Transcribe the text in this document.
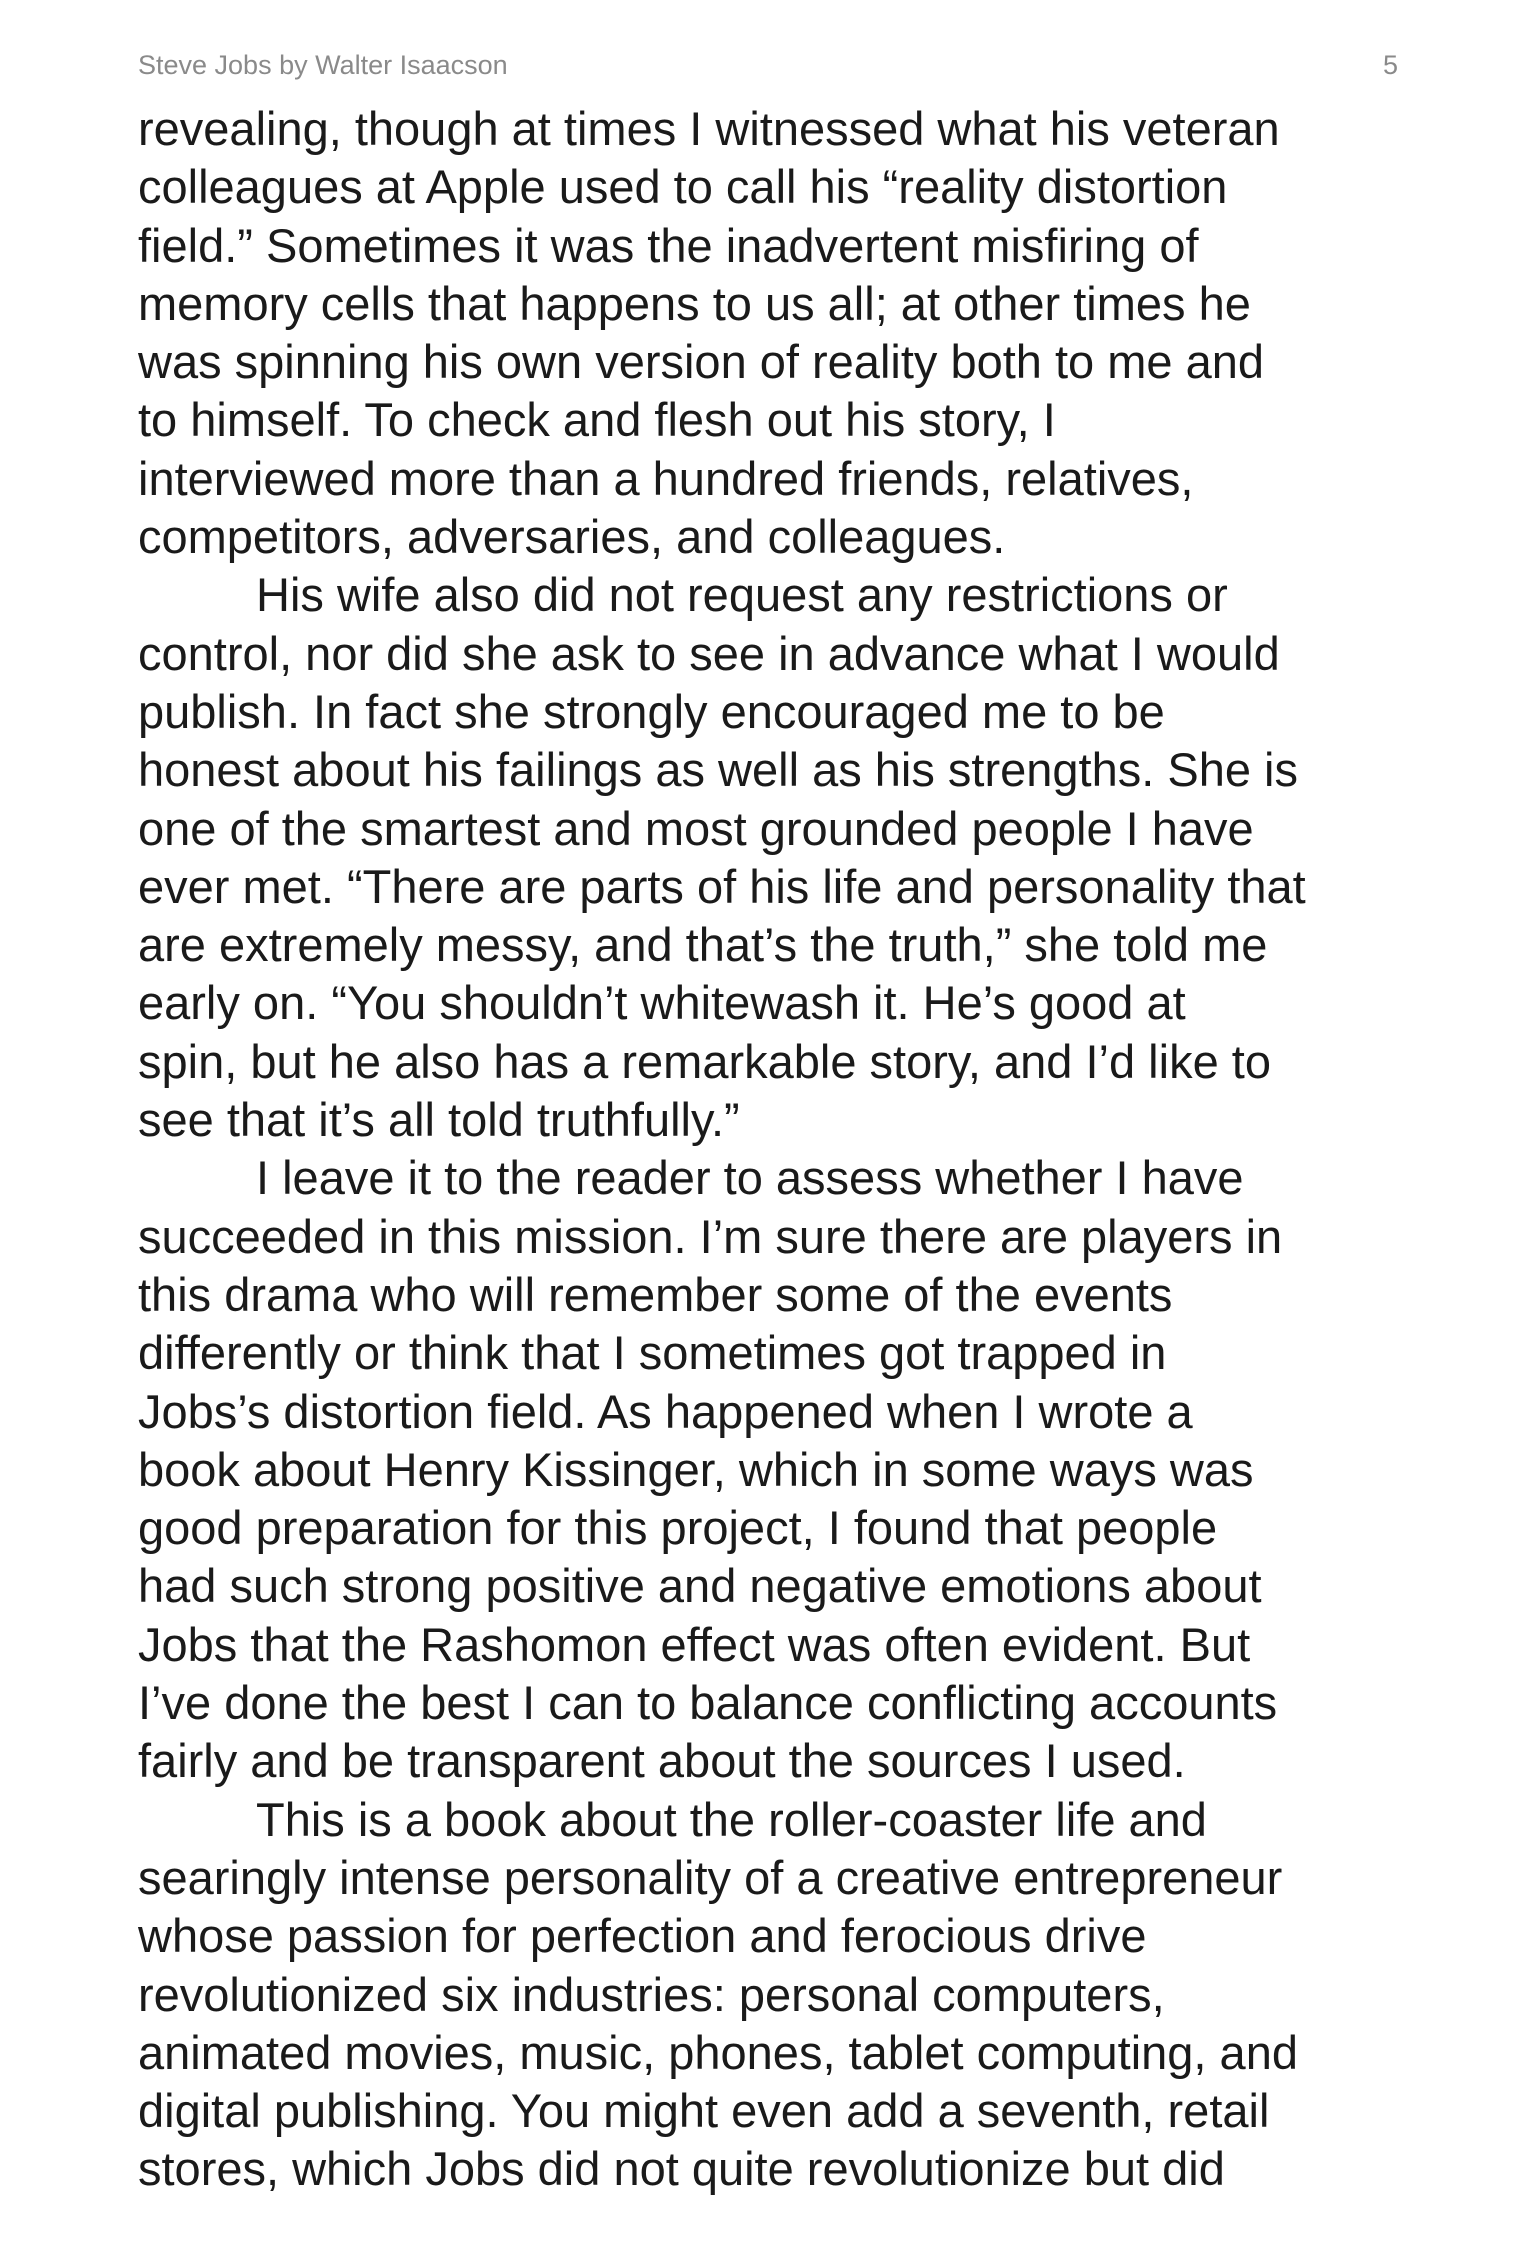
Steve Jobs by Walter Isaacson	5
revealing, though at times I witnessed what his veteran
colleagues at Apple used to call his “reality distortion
field.” Sometimes it was the inadvertent misfiring of
memory cells that happens to us all; at other times he
was spinning his own version of reality both to me and
to himself. To check and flesh out his story, I
interviewed more than a hundred friends, relatives,
competitors, adversaries, and colleagues.
His wife also did not request any restrictions or
control, nor did she ask to see in advance what I would
publish. In fact she strongly encouraged me to be
honest about his failings as well as his strengths. She is
one of the smartest and most grounded people I have
ever met. “There are parts of his life and personality that
are extremely messy, and that’s the truth,” she told me
early on. “You shouldn’t whitewash it. He’s good at
spin, but he also has a remarkable story, and I’d like to
see that it’s all told truthfully.”
I leave it to the reader to assess whether I have
succeeded in this mission. I’m sure there are players in
this drama who will remember some of the events
differently or think that I sometimes got trapped in
Jobs’s distortion field. As happened when I wrote a
book about Henry Kissinger, which in some ways was
good preparation for this project, I found that people
had such strong positive and negative emotions about
Jobs that the Rashomon effect was often evident. But
I’ve done the best I can to balance conflicting accounts
fairly and be transparent about the sources I used.
This is a book about the roller-coaster life and
searingly intense personality of a creative entrepreneur
whose passion for perfection and ferocious drive
revolutionized six industries: personal computers,
animated movies, music, phones, tablet computing, and
digital publishing. You might even add a seventh, retail
stores, which Jobs did not quite revolutionize but did
